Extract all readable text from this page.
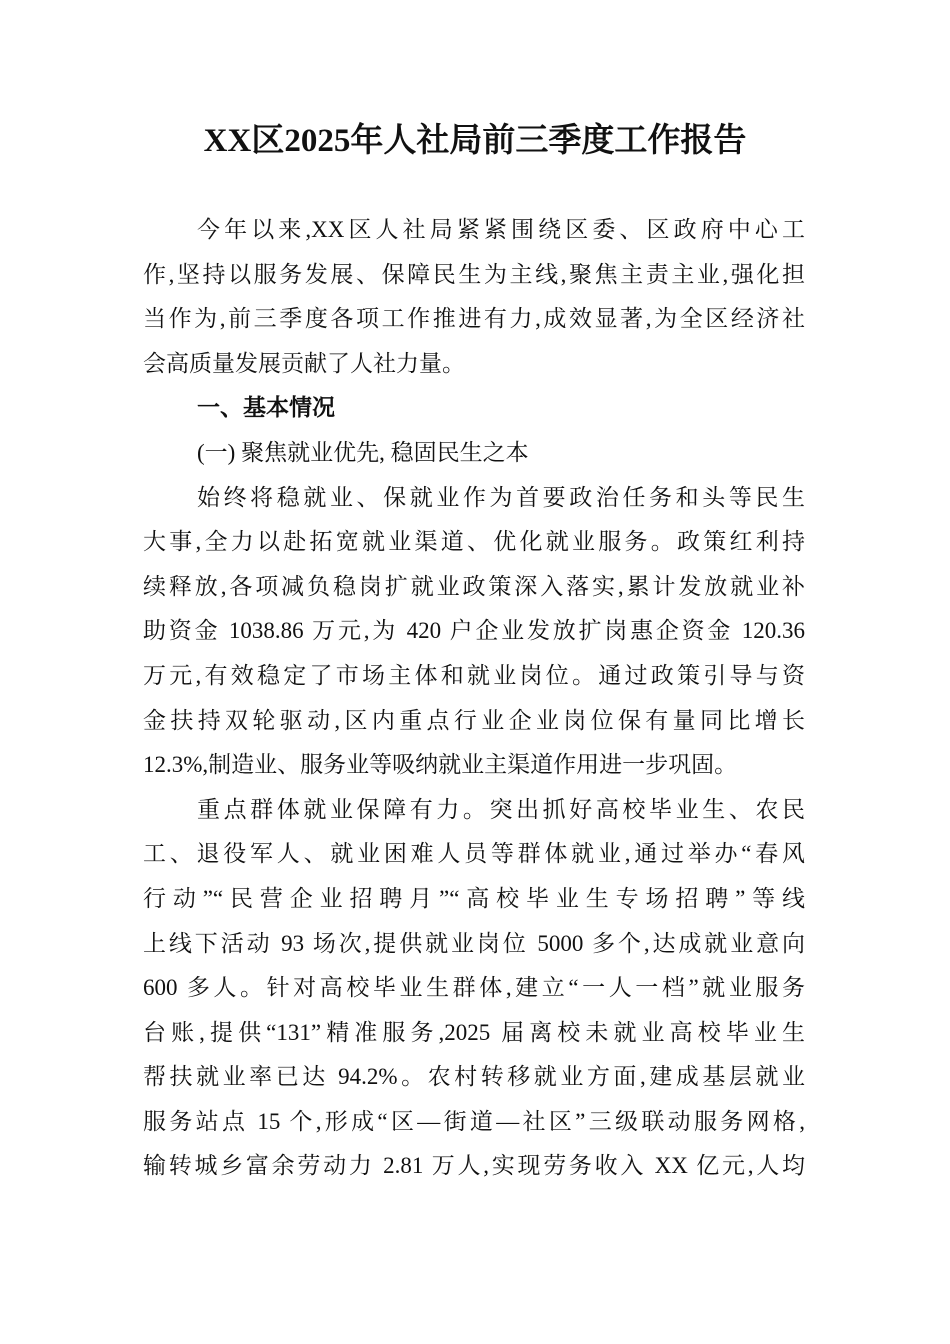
XX区2025年人社局前三季度工作报告
今年以来,XX区人社局紧紧围绕区委、区政府中心工
作,坚持以服务发展、保障民生为主线,聚焦主责主业,强化担
当作为,前三季度各项工作推进有力,成效显著,为全区经济社
会高质量发展贡献了人社力量。
一、基本情况
(一) 聚焦就业优先, 稳固民生之本
始终将稳就业、保就业作为首要政治任务和头等民生
大事,全力以赴拓宽就业渠道、优化就业服务。政策红利持
续释放,各项减负稳岗扩就业政策深入落实,累计发放就业补
助资金 1038.86 万元,为 420 户企业发放扩岗惠企资金 120.36
万元,有效稳定了市场主体和就业岗位。通过政策引导与资
金扶持双轮驱动,区内重点行业企业岗位保有量同比增长
12.3%,制造业、服务业等吸纳就业主渠道作用进一步巩固。
重点群体就业保障有力。突出抓好高校毕业生、农民
工、退役军人、就业困难人员等群体就业,通过举办“春风
行动”“民营企业招聘月”“高校毕业生专场招聘”等线
上线下活动 93 场次,提供就业岗位 5000 多个,达成就业意向
600 多人。针对高校毕业生群体,建立“一人一档”就业服务
台账,提供“131”精准服务,2025 届离校未就业高校毕业生
帮扶就业率已达 94.2%。农村转移就业方面,建成基层就业
服务站点 15 个,形成“区—街道—社区”三级联动服务网格,
输转城乡富余劳动力 2.81 万人,实现劳务收入 XX 亿元,人均
